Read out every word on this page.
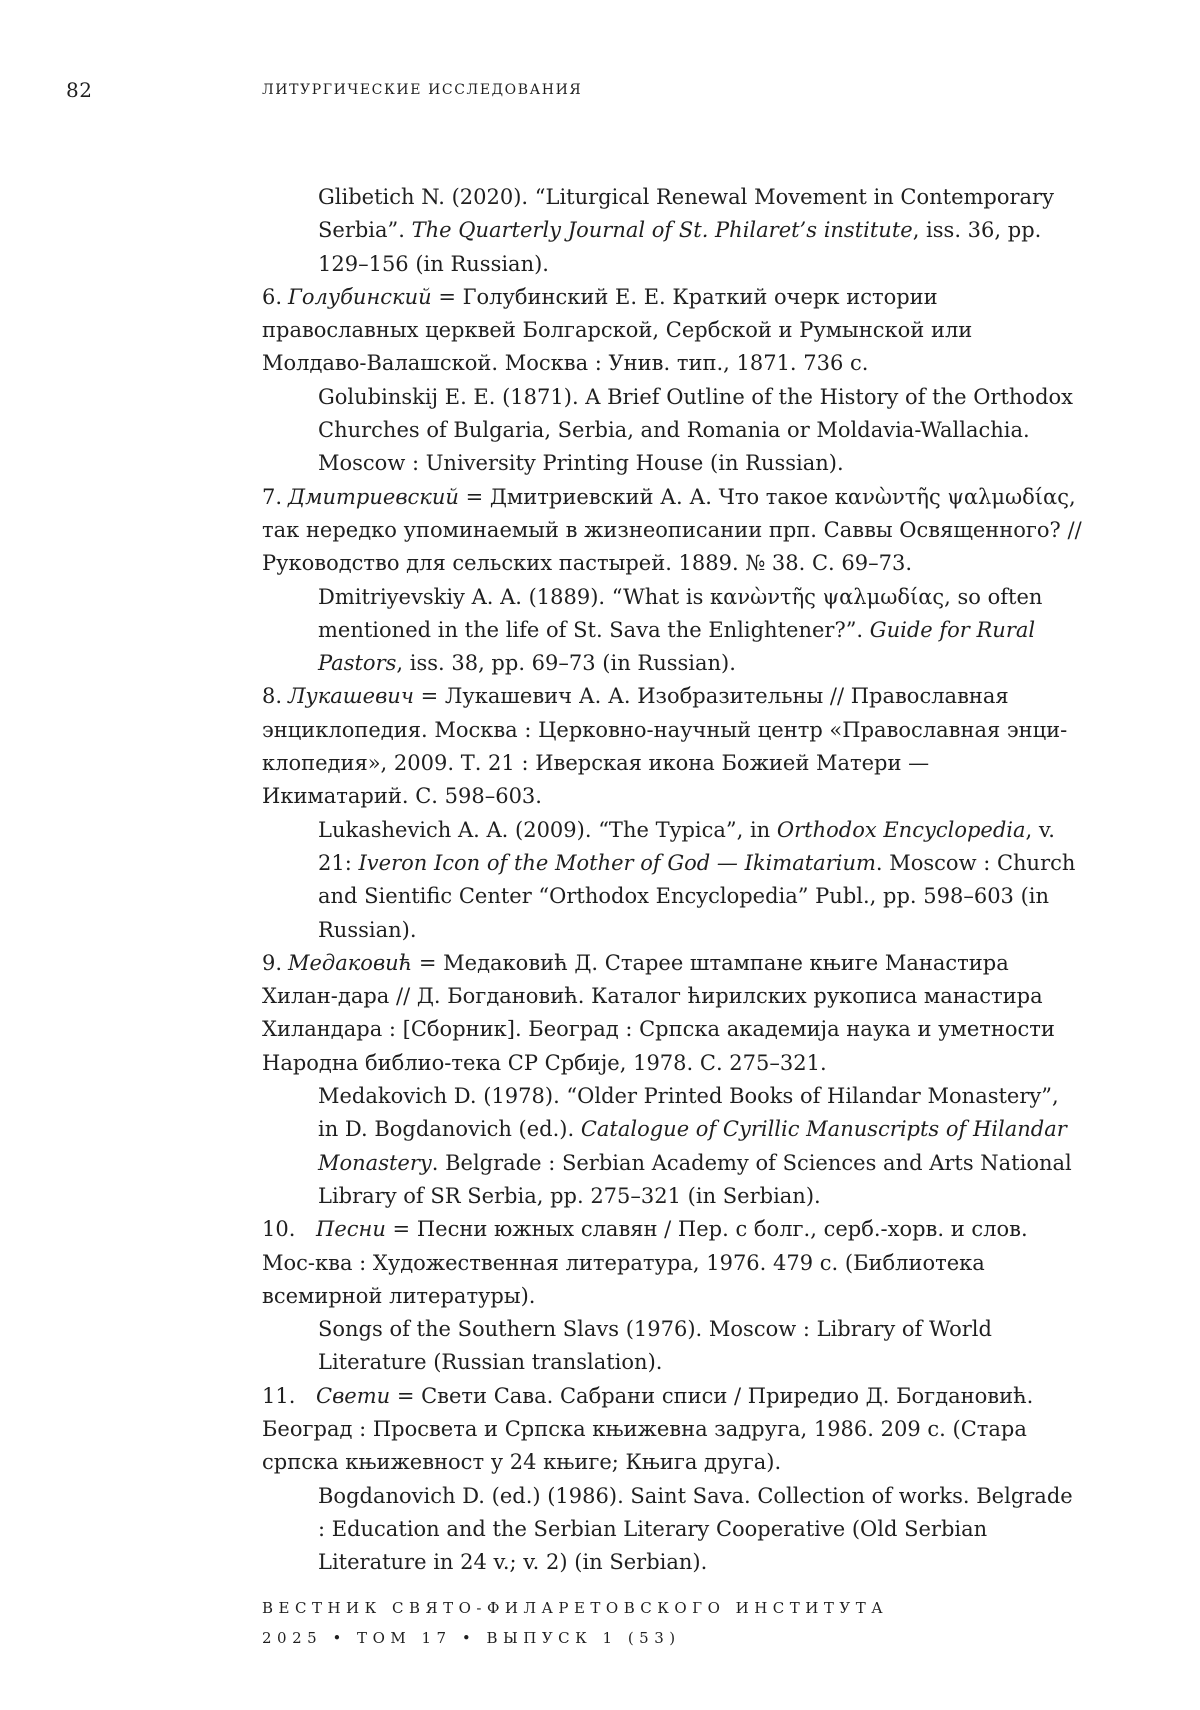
82	ЛИТУРГИЧЕСКИЕ ИССЛЕДОВАНИЯ

Glibetich N. (2020). “Liturgical Renewal Movement in Contemporary Serbia”. The Quarterly Journal of St. Philaret’s institute, iss. 36, pp. 129–156 (in Russian).

6. Голубинский = Голубинский Е. Е. Краткий очерк истории православных церквей Болгарской, Сербской и Румынской или Молдаво-Валашской. Москва : Унив. тип., 1871. 736 с.

Golubinskij E. E. (1871). A Brief Outline of the History of the Orthodox Churches of Bulgaria, Serbia, and Romania or Moldavia-Wallachia. Moscow : University Printing House (in Russian).

7. Дмитриевский = Дмитриевский А. А. Что такое κανὼντῆς ψαλμωδίας, так нередко упоминаемый в жизнеописании прп. Саввы Освященного? // Руководство для сельских пастырей. 1889. № 38. С. 69–73.

Dmitriyevskiy A. A. (1889). “What is κανὼντῆς ψαλμωδίας, so often mentioned in the life of St. Sava the Enlightener?”. Guide for Rural Pastors, iss. 38, pp. 69–73 (in Russian).

8. Лукашевич = Лукашевич А. А. Изобразительны // Православная энциклопедия. Москва : Церковно-научный центр «Православная энци-клопедия», 2009. Т. 21 : Иверская икона Божией Матери — Икиматарий. С. 598–603.

Lukashevich A. A. (2009). “The Typica”, in Orthodox Encyclopedia, v. 21: Iveron Icon of the Mother of God — Ikimatarium. Moscow : Church and Sientific Center “Orthodox Encyclopedia” Publ., pp. 598–603 (in Russian).

9. Медаковић = Медаковић Д. Старее штампане књиге Манастира Хилан-дара // Д. Богдановић. Каталог ћирилских рукописа манастира Хиландара : [Сборник]. Београд : Српска академија наука и уметности Народна библио-тека СР Србије, 1978. С. 275–321.

Medakovich D. (1978). “Older Printed Books of Hilandar Monastery”, in D. Bogdanovich (ed.). Catalogue of Cyrillic Manuscripts of Hilandar Monastery. Belgrade : Serbian Academy of Sciences and Arts National Library of SR Serbia, pp. 275–321 (in Serbian).

10. Песни = Песни южных славян / Пер. с болг., серб.-хорв. и слов. Мос-ква : Художественная литература, 1976. 479 с. (Библиотека всемирной литературы).

Songs of the Southern Slavs (1976). Moscow : Library of World Literature (Russian translation).

11. Свети = Свети Сава. Сабрани списи / Приредио Д. Богдановић. Београд : Просвета и Српска књижевна задруга, 1986. 209 с. (Стара српска књижевност у 24 књиге; Књига друга).

Bogdanovich D. (ed.) (1986). Saint Sava. Collection of works. Belgrade : Education and the Serbian Literary Cooperative (Old Serbian Literature in 24 v.; v. 2) (in Serbian).

ВЕСТНИК СВЯТО-ФИЛАРЕТОВСКОГО ИНСТИТУТА
2025 • ТОМ 17 • ВЫПУСК 1 (53)
